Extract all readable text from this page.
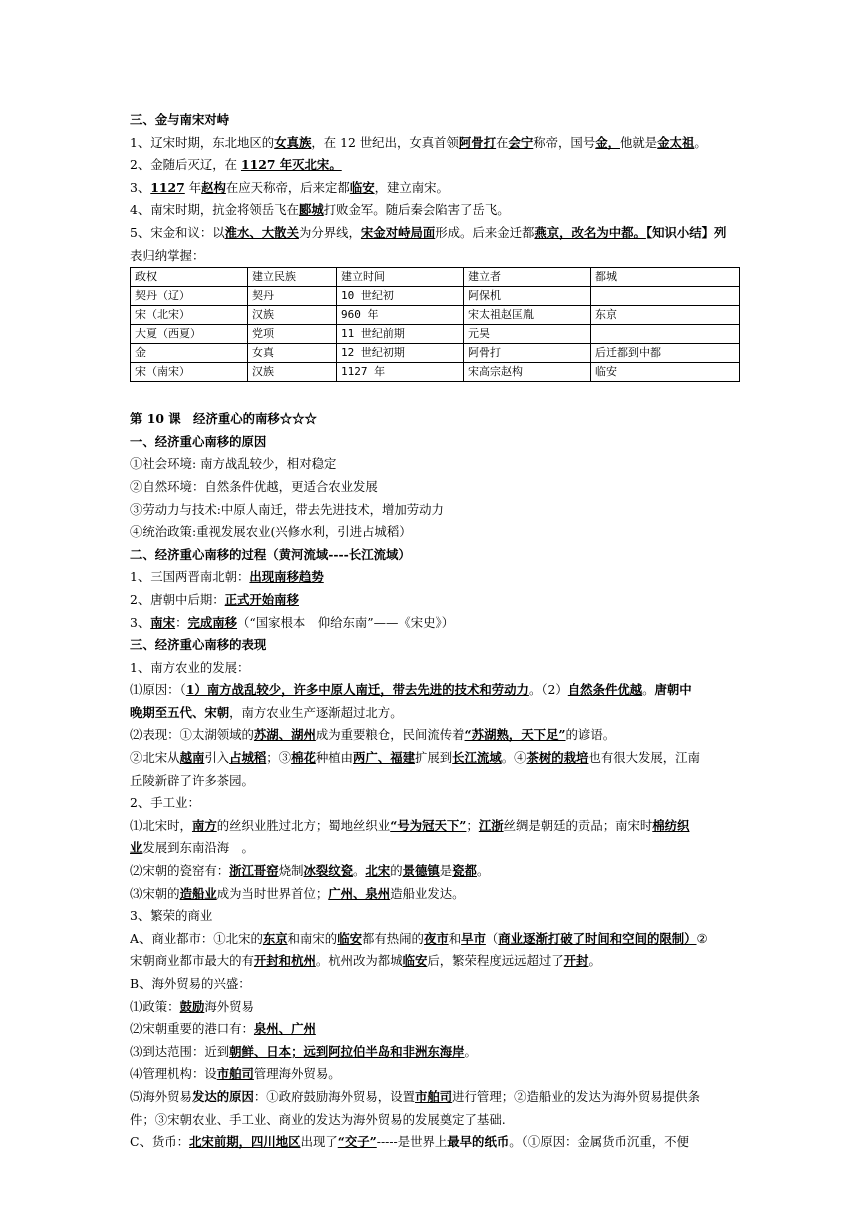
三、金与南宋对峙
1、辽宋时期，东北地区的女真族，在 12 世纪出，女真首领阿骨打在会宁称帝，国号金，他就是金太祖。
2、金随后灭辽，在 1127 年灭北宋。
3、1127 年赵构在应天称帝，后来定都临安，建立南宋。
4、南宋时期，抗金将领岳飞在郾城打败金军。随后秦会陷害了岳飞。
5、宋金和议：以淮水、大散关为分界线，宋金对峙局面形成。后来金迁都燕京，改名为中都。【知识小结】列
表归纳掌握：
政权	建立民族	建立时间	建立者	都城
契丹（辽）	契丹	10 世纪初	阿保机	
宋（北宋）	汉族	960 年	宋太祖赵匡胤	东京
大夏（西夏）	党项	11 世纪前期	元昊	
金	女真	12 世纪初期	阿骨打	后迁都到中都
宋（南宋）	汉族	1127 年	宋高宗赵构	临安
第 10 课　经济重心的南移☆☆☆
一、经济重心南移的原因
①社会环境: 南方战乱较少，相对稳定
②自然环境：自然条件优越，更适合农业发展
③劳动力与技术:中原人南迁，带去先进技术，增加劳动力
④统治政策:重视发展农业(兴修水利，引进占城稻）
二、经济重心南移的过程（黄河流域----长江流域）
1、三国两晋南北朝：出现南移趋势
2、唐朝中后期：正式开始南移
3、南宋：完成南移（“国家根本　仰给东南”——《宋史》）
三、经济重心南移的表现
1、南方农业的发展：
⑴原因：（1）南方战乱较少，许多中原人南迁，带去先进的技术和劳动力。（2）自然条件优越。唐朝中
晚期至五代、宋朝，南方农业生产逐渐超过北方。
⑵表现：①太湖领域的苏湖、湖州成为重要粮仓，民间流传着“苏湖熟，天下足”的谚语。
②北宋从越南引入占城稻；③棉花种植由两广、福建扩展到长江流域。④茶树的栽培也有很大发展，江南
丘陵新辟了许多茶园。
2、手工业：
⑴北宋时，南方的丝织业胜过北方；蜀地丝织业“号为冠天下”；江浙丝绸是朝廷的贡品；南宋时棉纺织
业发展到东南沿海　。
⑵宋朝的瓷窑有：浙江哥窑烧制冰裂纹瓷。北宋的景德镇是瓷都。
⑶宋朝的造船业成为当时世界首位；广州、泉州造船业发达。
3、繁荣的商业
A、商业都市：①北宋的东京和南宋的临安都有热闹的夜市和早市（商业逐渐打破了时间和空间的限制）②
宋朝商业都市最大的有开封和杭州。杭州改为都城临安后，繁荣程度远远超过了开封。
B、海外贸易的兴盛：
⑴政策：鼓励海外贸易
⑵宋朝重要的港口有：泉州、广州
⑶到达范围：近到朝鲜、日本；远到阿拉伯半岛和非洲东海岸。
⑷管理机构：设市舶司管理海外贸易。
⑸海外贸易发达的原因：①政府鼓励海外贸易，设置市舶司进行管理；②造船业的发达为海外贸易提供条
件；③宋朝农业、手工业、商业的发达为海外贸易的发展奠定了基础.
C、货币：北宋前期，四川地区出现了“交子”-----是世界上最早的纸币。（①原因：金属货币沉重，不便
